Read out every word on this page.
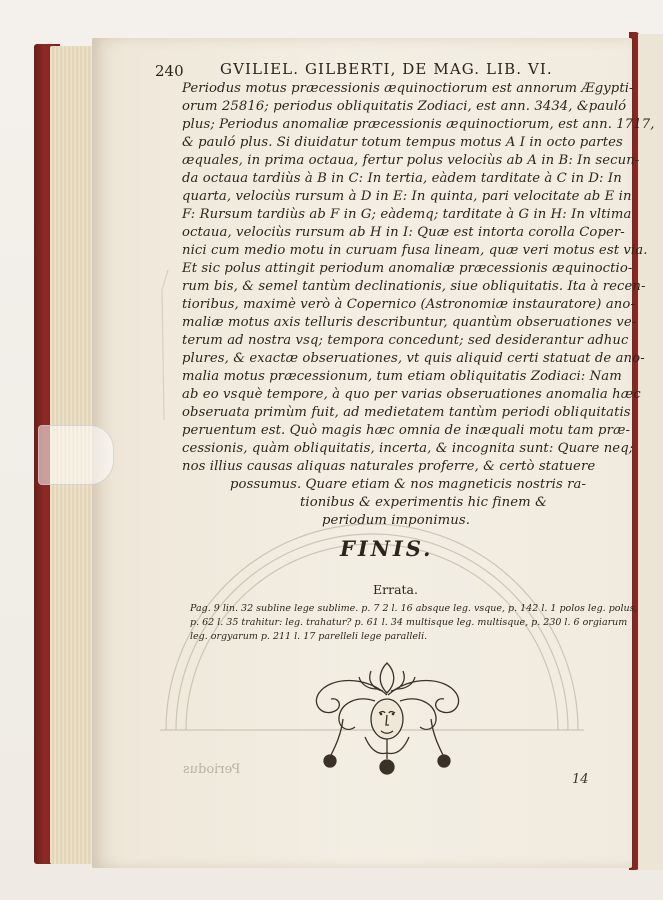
240 GVILIEL. GILBERTI, DE MAG. LIB. VI.
Periodus motus præcessionis æquinoctiorum est annorum Ægypti-
orum 25816; periodus obliquitatis Zodiaci, est ann. 3434, &pauló
plus; Periodus anomaliæ præcessionis æquinoctiorum, est ann. 1717,
& pauló plus. Si diuidatur totum tempus motus A I in octo partes
æquales, in prima octaua, fertur polus velociùs ab A in B: In secun-
da octaua tardiùs à B in C: In tertia, eàdem tarditate à C in D: In
quarta, velociùs rursum à D in E: In quinta, pari velocitate ab E in
F: Rursum tardiùs ab F in G; eàdemq; tarditate à G in H: In vltima
octaua, velociùs rursum ab H in I: Quæ est intorta corolla Coper-
nici cum medio motu in curuam fusa lineam, quæ veri motus est via.
Et sic polus attingit periodum anomaliæ præcessionis æquinoctio-
rum bis, & semel tantùm declinationis, siue obliquitatis. Ita à recen-
tioribus, maximè verò à Copernico (Astronomiæ instauratore) ano-
maliæ motus axis telluris describuntur, quantùm obseruationes ve-
terum ad nostra vsq; tempora concedunt; sed desiderantur adhuc
plures, & exactæ obseruationes, vt quis aliquid certi statuat de ano-
malia motus præcessionum, tum etiam obliquitatis Zodiaci: Nam
ab eo vsquè tempore, à quo per varias obseruationes anomalia hæc
obseruata primùm fuit, ad medietatem tantùm periodi obliquitatis
peruentum est. Quò magis hæc omnia de inæquali motu tam præ-
cessionis, quàm obliquitatis, incerta, & incognita sunt: Quare neq;
nos illius causas aliquas naturales proferre, & certò statuere
possumus. Quare etiam & nos magneticis nostris ra-
tionibus & experimentis hic finem &
periodum imponimus.
FINIS.
Errata.
Pag. 9 lin. 32 subline lege sublime. p. 7 2 l. 16 absque leg. vsque, p. 142 l. 1 polos leg. polus,
p. 62 l. 35 trahitur: leg. trahatur? p. 61 l. 34 multisque leg. multisque, p. 230 l. 6 orgiarum
leg. orgyarum p. 211 l. 17 parelleli lege paralleli.
Periodus
14
